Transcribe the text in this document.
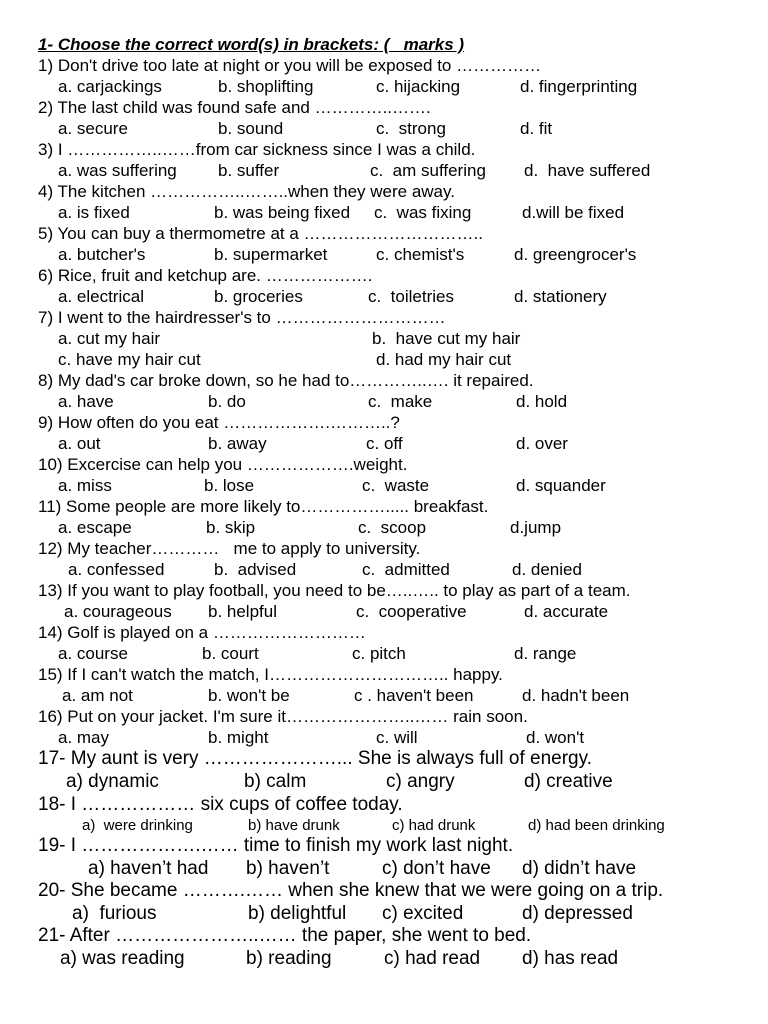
1- Choose the correct word(s) in brackets: (   marks )
1) Don't drive too late at night or you will be exposed to ……………
a. carjackings	b. shoplifting	c. hijacking	d. fingerprinting
2) The last child was found safe and …………..…….
a. secure	b. sound	c.  strong	d. fit
3) I ……………..……from car sickness since I was a child.
a. was suffering b. suffer	c.  am suffering d.  have suffered
4) The kitchen ……………..……..when they were away.
a. is fixed	b. was being fixed c.  was fixing	d.will be fixed
5) You can buy a thermometre at a …………………………..
a. butcher's	b. supermarket	c. chemist's	d. greengrocer's
6) Rice, fruit and ketchup are. ……………….
a. electrical	b. groceries	c.  toiletries	d. stationery
7) I went to the hairdresser's to …………………………
a. cut my hair	b.  have cut my hair
c. have my hair cut	d. had my hair cut
8) My dad's car broke down, so he had to…………..…. it repaired.
a. have	b. do	c.  make	d. hold
9) How often do you eat ……………….………..?
a. out	b. away	c. off	d. over
10) Excercise can help you ……………….weight.
a. miss	b. lose	c.  waste	d. squander
11) Some people are more likely to……………..... breakfast.
a. escape	b. skip	c.  scoop	d.jump
12) My teacher…………   me to apply to university.
a. confessed	b.  advised	c.  admitted	d. denied
13) If you want to play football, you need to be…..….. to play as part of a team.
a. courageous b. helpful	c.  cooperative	d. accurate
14) Golf is played on a ………………………
a. course	b. court	c. pitch	d. range
15) If I can't watch the match, I………………………….. happy.
a. am not	b. won't be	c . haven't been	d. hadn't been
16) Put on your jacket. I'm sure it…………………..…… rain soon.
a. may	b. might	c. will	d. won't
17- My aunt is very …………………... She is always full of energy.
a) dynamic	b) calm	c) angry	d) creative
18- I ……………… six cups of coffee today.
a)  were drinking	b) have drunk	c) had drunk	d) had been drinking
19- I ……………….…… time to finish my work last night.
a) haven’t had b) haven’t	c) don’t have d) didn’t have
20- She became ……….…… when she knew that we were going on a trip.
a)  furious	b) delightful c) excited	d) depressed
21- After …………………..…… the paper, she went to bed.
a) was reading	b) reading	c) had read d) has read
